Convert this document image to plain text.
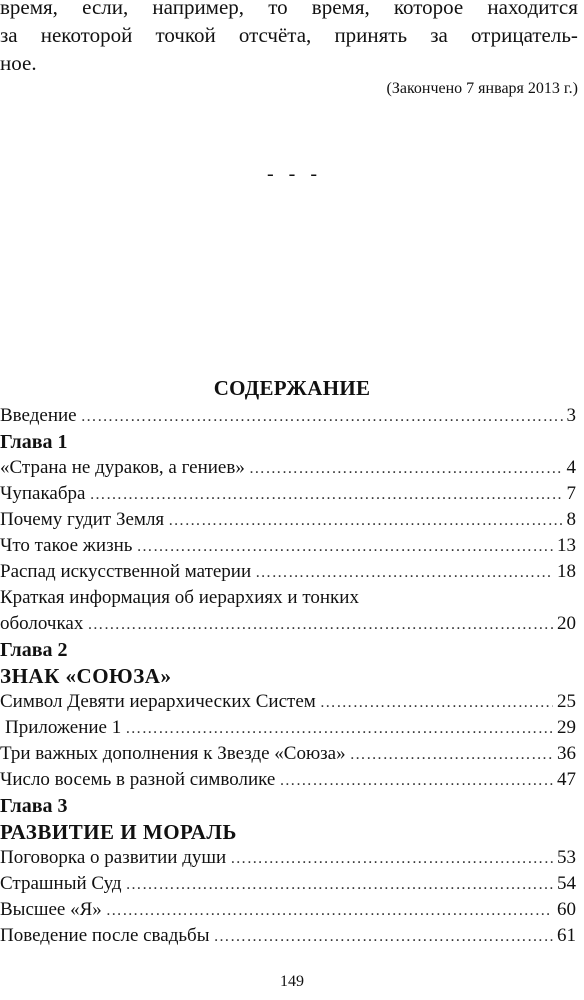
время, если, например, то время, которое находится
за некоторой точкой отсчёта, принять за отрицатель-
ное.
(Закончено 7 января 2013 г.)
-   -   -
СОДЕРЖАНИЕ
Введение ………………………………………………………………………………………………………………………………………………………………………………	3
Глава 1
«Страна не дураков, а гениев» ………………………………………………………………………………………………………………………………………………………………………………	4
Чупакабра ………………………………………………………………………………………………………………………………………………………………………………	7
Почему гудит Земля ………………………………………………………………………………………………………………………………………………………………………………	8
Что такое жизнь ………………………………………………………………………………………………………………………………………………………………………………	13
Распад искусственной материи ………………………………………………………………………………………………………………………………………………………………………………	18
Краткая информация об иерархиях и тонких
оболочках ………………………………………………………………………………………………………………………………………………………………………………	20
Глава 2
ЗНАК «СОЮЗА»
Символ Девяти иерархических Систем ………………………………………………………………………………………………………………………………………………………………………………	25
Приложение 1 ………………………………………………………………………………………………………………………………………………………………………………	29
Три важных дополнения к Звезде «Союза» ………………………………………………………………………………………………………………………………………………………………………………	36
Число восемь в разной символике ………………………………………………………………………………………………………………………………………………………………………………	47
Глава 3
РАЗВИТИЕ И МОРАЛЬ
Поговорка о развитии души ………………………………………………………………………………………………………………………………………………………………………………	53
Страшный Суд ………………………………………………………………………………………………………………………………………………………………………………	54
Высшее «Я» ………………………………………………………………………………………………………………………………………………………………………………	60
Поведение после свадьбы ………………………………………………………………………………………………………………………………………………………………………………	61
149
